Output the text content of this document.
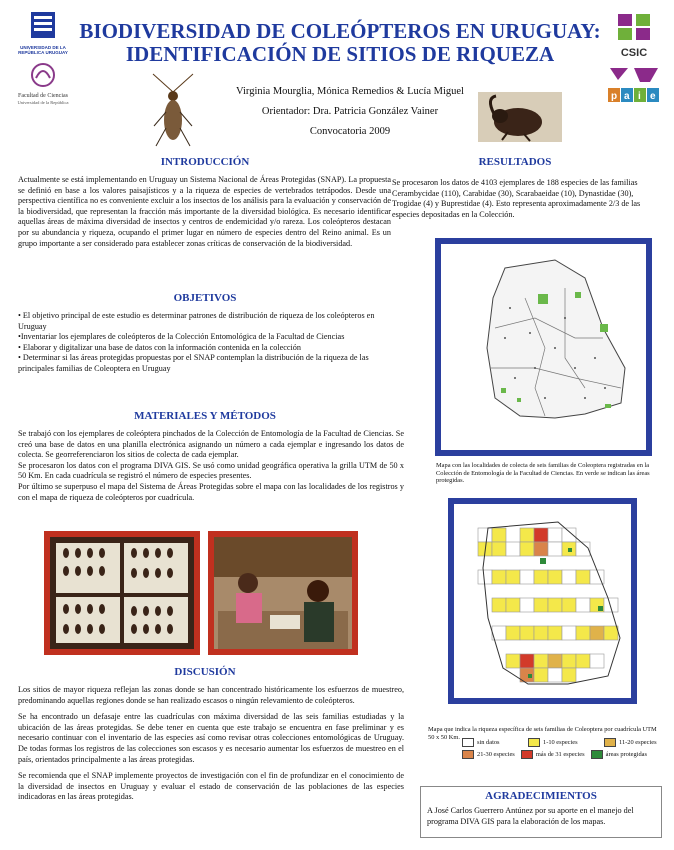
UNIVERSIDAD DE LA REPÚBLICA URUGUAY
Facultad de Ciencias
Universidad de la República
CSIC
p a i e
BIODIVERSIDAD DE COLEÓPTEROS EN URUGUAY:
IDENTIFICACIÓN DE SITIOS DE RIQUEZA
Virginia Mourglia, Mónica Remedios & Lucía Miguel
Orientador: Dra. Patricia González Vainer
Convocatoria 2009
INTRODUCCIÓN
Actualmente se está implementando en Uruguay un Sistema Nacional de Áreas Protegidas (SNAP). La propuesta se definió en base a los valores paisajísticos y a la riqueza de especies de vertebrados tetrápodos. Desde una perspectiva científica no es conveniente excluir a los insectos de los análisis para la evaluación y conservación de la biodiversidad, que representan la fracción más importante de la diversidad biológica. Es necesario identificar aquellas áreas de máxima diversidad de insectos y centros de endemicidad y/o rareza. Los coleópteros destacan por su abundancia y riqueza, ocupando el primer lugar en número de especies dentro del Reino animal. Es un grupo importante a ser considerado para establecer zonas críticas de conservación de la biodiversidad.
OBJETIVOS
• El objetivo principal de este estudio es determinar patrones de distribución de riqueza de los coleópteros en Uruguay
•Inventariar los ejemplares de coleópteros de la Colección Entomológica de la Facultad de Ciencias
• Elaborar y digitalizar una base de datos con la información contenida en la colección
• Determinar si las áreas protegidas propuestas por el SNAP contemplan la distribución de la riqueza de las principales familias de Coleoptera en Uruguay
MATERIALES Y MÉTODOS
Se trabajó con los ejemplares de coleóptera pinchados de la Colección de Entomología de la Facultad de Ciencias. Se creó una base de datos en una planilla electrónica asignando un número a cada ejemplar e ingresando los datos de colecta. Se georreferenciaron los sitios de colecta de cada ejemplar.
Se procesaron los datos con el programa DIVA GIS. Se usó como unidad geográfica operativa la grilla UTM de 50 x 50 Km. En cada cuadrícula se registró el número de especies presentes.
Por último se superpuso el mapa del Sistema de Áreas Protegidas sobre el mapa con las localidades de los registros y con el mapa de riqueza de coleópteros por cuadrícula.
DISCUSIÓN
Los sitios de mayor riqueza reflejan las zonas donde se han concentrado históricamente los esfuerzos de muestreo, predominando aquellas regiones donde se han realizado escasos o ningún relevamiento de coleópteros.
Se ha encontrado un defasaje entre las cuadrículas con máxima diversidad de las seis familias estudiadas y la ubicación de las áreas protegidas. Se debe tener en cuenta que este trabajo se encuentra en fase preliminar y es necesario continuar con el inventario de las especies así como revisar otras colecciones entomológicas de Uruguay. De todas formas los registros de las colecciones son escasos y es necesario aumentar los esfuerzos de muestreo en el país, orientados principalmente a las áreas protegidas.
Se recomienda que el SNAP implemente proyectos de investigación con el fin de profundizar en el conocimiento de la diversidad de insectos en Uruguay y evaluar el estado de conservación de las poblaciones de las especies indicadoras en las áreas protegidas.
RESULTADOS
Se procesaron los datos de 4103 ejemplares de 188 especies de las familias Cerambycidae (110), Carabidae (30), Scarabaeidae (10), Dynastidae (30), Trogidae (4) y Buprestidae (4). Esto representa aproximadamente 2/3 de las especies depositadas en la Colección.
Mapa con las localidades de colecta de seis familias de Coleoptera registradas en la Colección de Entomología de la Facultad de Ciencias. En verde se indican las áreas protegidas.
Mapa que indica la riqueza específica de seis familias de Coleoptera por cuadrícula UTM 50 x 50 Km.
sin datos	1-10 especies	11-20 especies
21-30 especies	más de 31 especies	áreas protegidas
AGRADECIMIENTOS
A José Carlos Guerrero Antúnez por su aporte en el manejo del programa DIVA GIS para la elaboración de los mapas.
